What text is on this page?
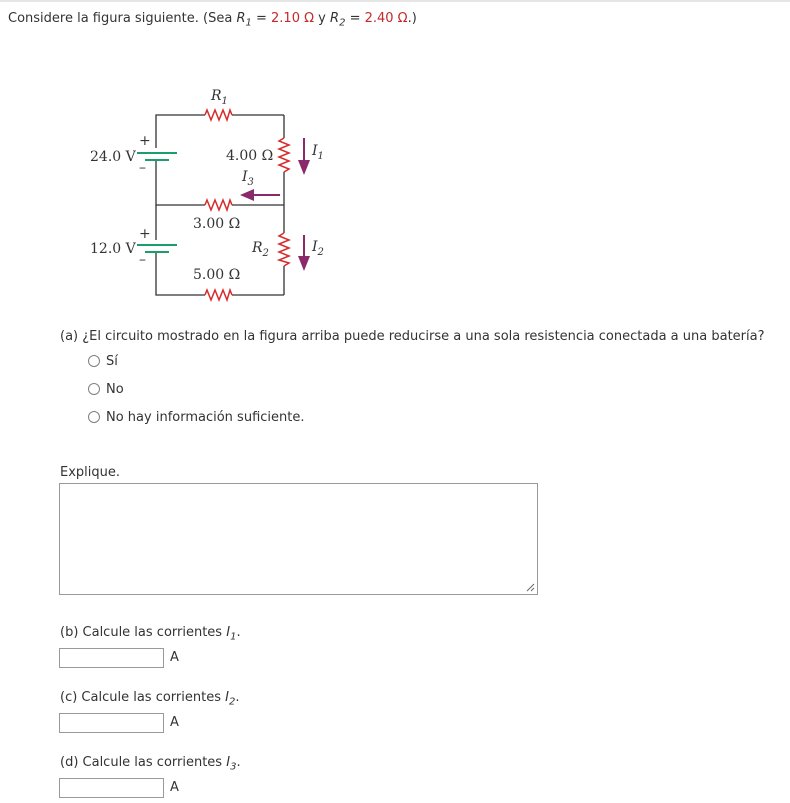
Considere la figura siguiente. (Sea $R_1 = 2.10$ Ω y $R_2 = 2.40$ Ω.)
$R_1$
24.0 V
12.0 V
+
–
+
–
4.00 Ω
3.00 Ω
5.00 Ω
$R_2$
$I_1$
$I_2$
$I_3$
(a) ¿El circuito mostrado en la figura arriba puede reducirse a una sola resistencia conectada a una batería?
Sí
No
No hay información suficiente.
Explique.
(b) Calcule las corrientes $I_1$.
A
(c) Calcule las corrientes $I_2$.
A
(d) Calcule las corrientes $I_3$.
A
